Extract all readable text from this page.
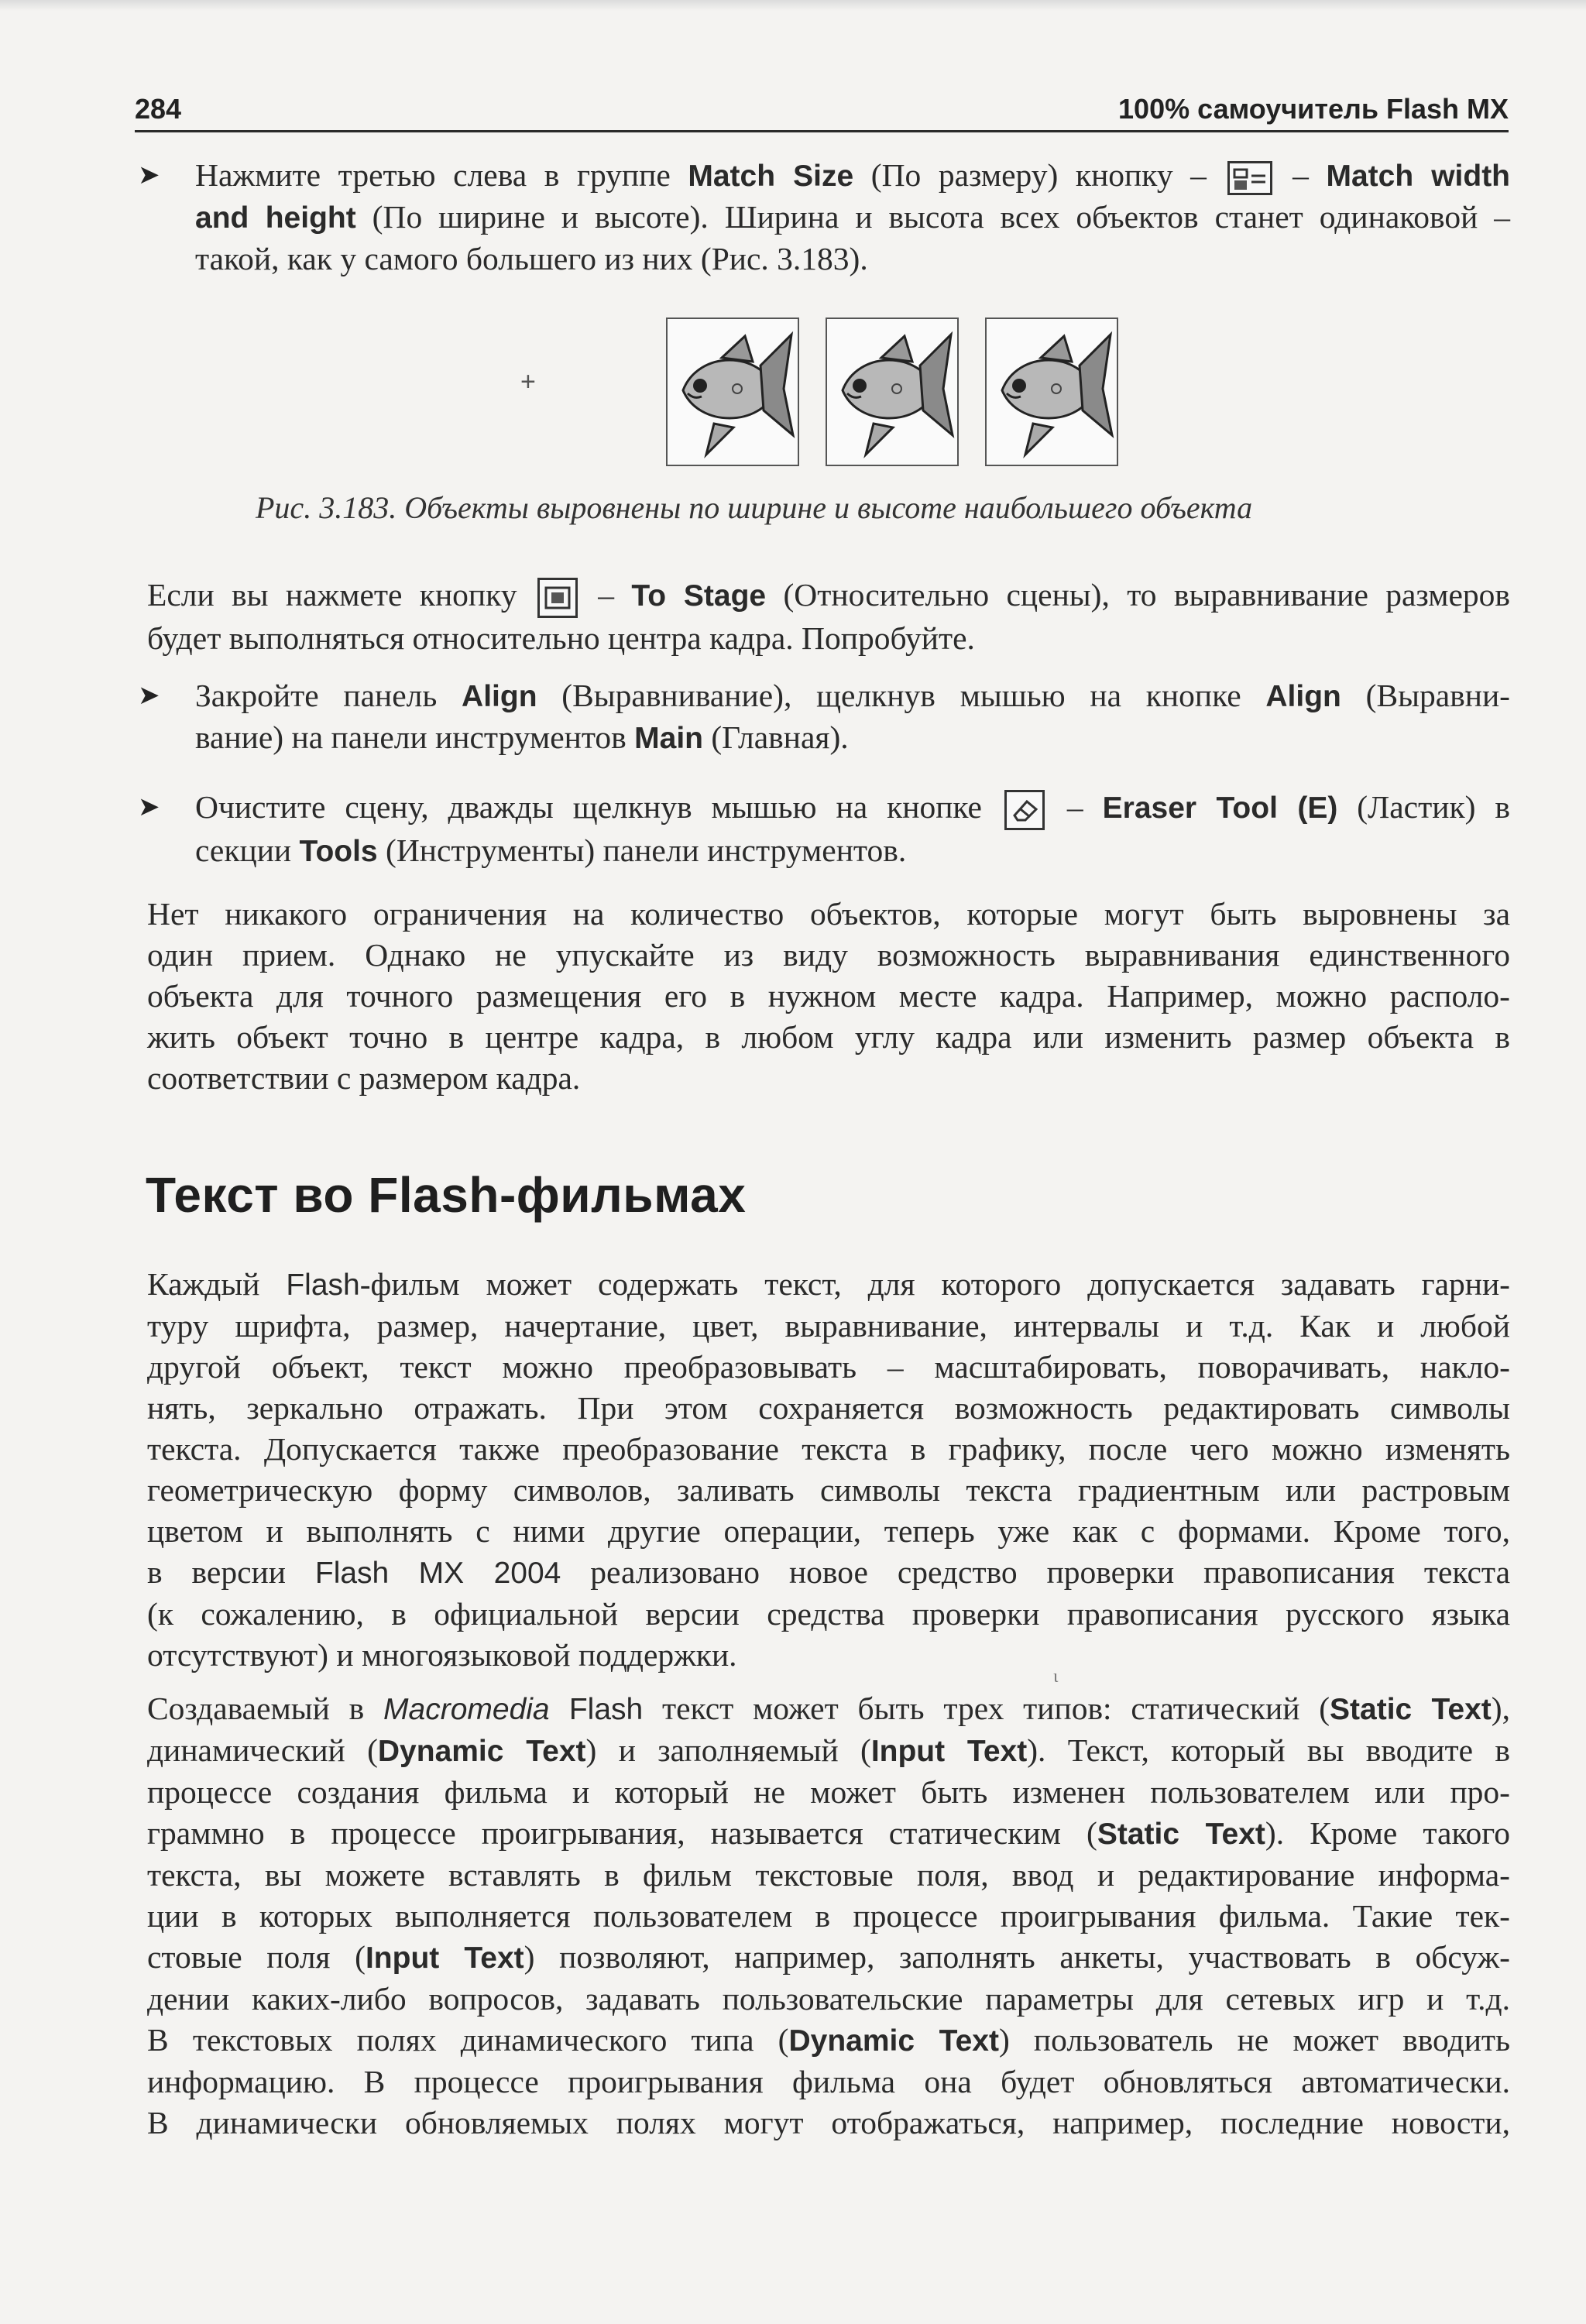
284	100% самоучитель Flash MX
➤ Нажмите третью слева в группе Match Size (По размеру) кнопку –  – Match width
and height (По ширине и высоте). Ширина и высота всех объектов станет одинаковой –
такой, как у самого большего из них (Рис. 3.183).
+
Рис. 3.183. Объекты выровнены по ширине и высоте наибольшего объекта
Если вы нажмете кнопку  – To Stage (Относительно сцены), то выравнивание размеров
будет выполняться относительно центра кадра. Попробуйте.
➤ Закройте панель Align (Выравнивание), щелкнув мышью на кнопке Align (Выравни-
вание) на панели инструментов Main (Главная).
➤ Очистите сцену, дважды щелкнув мышью на кнопке  – Eraser Tool (E) (Ластик) в
секции Tools (Инструменты) панели инструментов.
Нет никакого ограничения на количество объектов, которые могут быть выровнены за
один прием. Однако не упускайте из виду возможность выравнивания единственного
объекта для точного размещения его в нужном месте кадра. Например, можно располо-
жить объект точно в центре кадра, в любом углу кадра или изменить размер объекта в
соответствии с размером кадра.
Текст во Flash-фильмах
Каждый Flash-фильм может содержать текст, для которого допускается задавать гарни-
туру шрифта, размер, начертание, цвет, выравнивание, интервалы и т.д. Как и любой
другой объект, текст можно преобразовывать – масштабировать, поворачивать, накло-
нять, зеркально отражать. При этом сохраняется возможность редактировать символы
текста. Допускается также преобразование текста в графику, после чего можно изменять
геометрическую форму символов, заливать символы текста градиентным или растровым
цветом и выполнять с ними другие операции, теперь уже как с формами. Кроме того,
в версии Flash MX 2004 реализовано новое средство проверки правописания текста
(к сожалению, в официальной версии средства проверки правописания русского языка
отсутствуют) и многоязыковой поддержки.
ι
Создаваемый в Macromedia Flash текст может быть трех типов: статический (Static Text),
динамический (Dynamic Text) и заполняемый (Input Text). Текст, который вы вводите в
процессе создания фильма и который не может быть изменен пользователем или про-
граммно в процессе проигрывания, называется статическим (Static Text). Кроме такого
текста, вы можете вставлять в фильм текстовые поля, ввод и редактирование информа-
ции в которых выполняется пользователем в процессе проигрывания фильма. Такие тек-
стовые поля (Input Text) позволяют, например, заполнять анкеты, участвовать в обсуж-
дении каких-либо вопросов, задавать пользовательские параметры для сетевых игр и т.д.
В текстовых полях динамического типа (Dynamic Text) пользователь не может вводить
информацию. В процессе проигрывания фильма она будет обновляться автоматически.
В динамически обновляемых полях могут отображаться, например, последние новости,
